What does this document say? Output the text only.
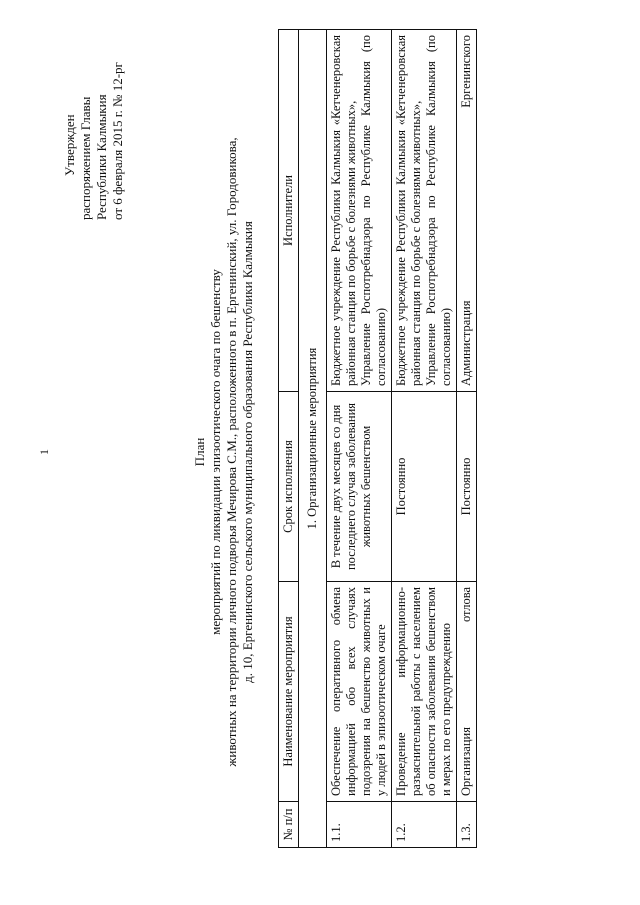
1
Утвержден распоряжением Главы Республики Калмыкия от 6 февраля 2015 г. № 12-рг
План мероприятий по ликвидации эпизоотического очага по бешенству животных на территории личного подворья Мечирова С.М., расположенного в п. Ергенинский, ул. Городовикова, д. 10, Ергенинского сельского муниципального образования Республики Калмыкия
№ п/п	Наименование мероприятия	Срок исполнения	Исполнители
1. Организационные мероприятия			
1.1.	Обеспечение оперативного обмена информацией обо всех случаях подозрения на бешенство животных и у людей в эпизоотическом очаге	В течение двух месяцев со дня последнего случая заболевания животных бешенством	Бюджетное учреждение Республики Калмыкия «Кетченеровская районная станция по борьбе с болезнями животных», Управление Роспотребнадзора по Республике Калмыкия (по согласованию)

1.2.	Проведение информационно-разъяснительной работы с населением об опасности заболевания бешенством и мерах по его предупреждению	Постоянно	Бюджетное учреждение Республики Калмыкия «Кетченеровская районная станция по борьбе с болезнями животных», Управление Роспотребнадзора по Республике Калмыкия (по согласованию)

1.3.	Организация отлова	Постоянно	Администрация Ергенинского
